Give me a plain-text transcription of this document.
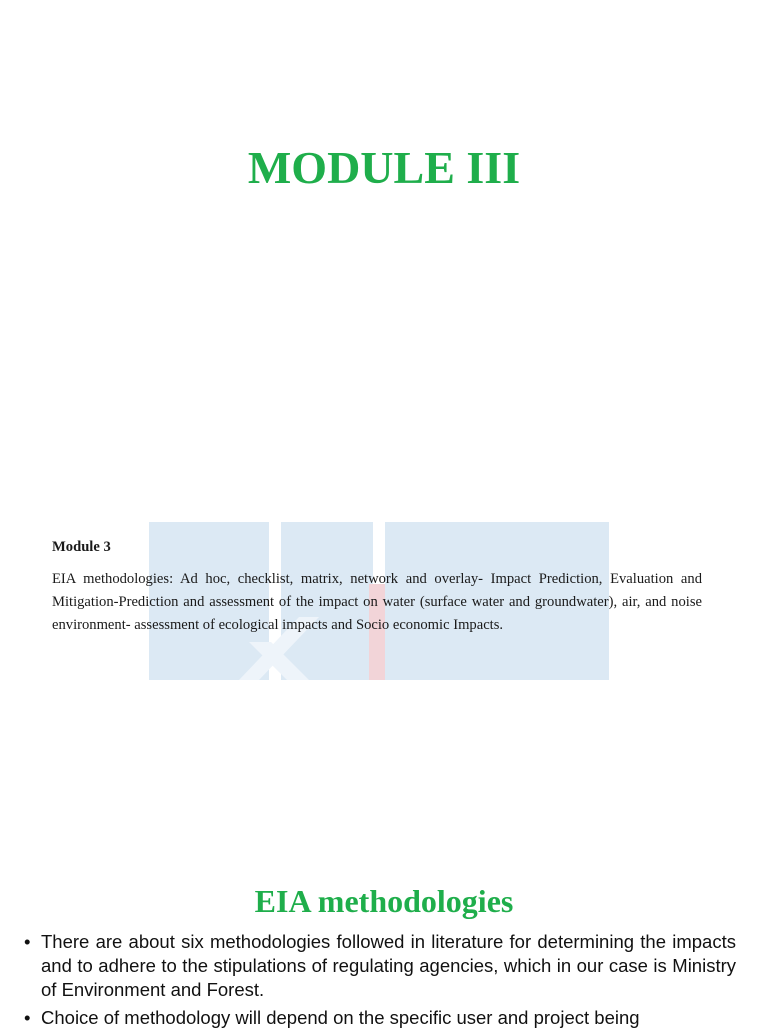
MODULE III
Module 3
EIA methodologies: Ad hoc, checklist, matrix, network and overlay- Impact Prediction, Evaluation and Mitigation-Prediction and assessment of the impact on water (surface water and groundwater), air, and noise environment- assessment of ecological impacts and Socio economic Impacts.
EIA methodologies
• There are about six methodologies followed in literature for determining the impacts and to adhere to the stipulations of regulating agencies, which in our case is Ministry of Environment and Forest.
• Choice of methodology will depend on the specific user and project being
